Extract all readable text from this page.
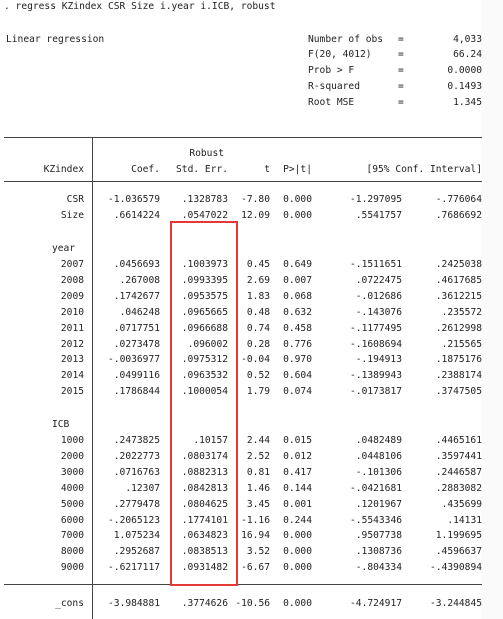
. regress KZindex CSR Size i.year i.ICB, robust
Linear regression	Number of obs =	4,033
F(20, 4012)	=	66.24
Prob > F	=	0.0000
R-squared	=	0.1493
Root MSE	=	1.345
Robust
KZindex	Coef.	Std. Err.	t	P>|t|	[95% Conf. Interval]
CSR	-1.036579	.1328783	-7.80	0.000	-1.297095	-.776064
Size	.6614224	.0547022	12.09	0.000	.5541757	.7686692
year
2007	.0456693	.1003973	0.45	0.649	-.1511651	.2425038
2008	.267008	.0993395	2.69	0.007	.0722475	.4617685
2009	.1742677	.0953575	1.83	0.068	-.012686	.3612215
2010	.046248	.0965665	0.48	0.632	-.143076	.235572
2011	.0717751	.0966688	0.74	0.458	-.1177495	.2612998
2012	.0273478	.096002	0.28	0.776	-.1608694	.215565
2013	-.0036977	.0975312	-0.04	0.970	-.194913	.1875176
2014	.0499116	.0963532	0.52	0.604	-.1389943	.2388174
2015	.1786844	.1000054	1.79	0.074	-.0173817	.3747505
ICB
1000	.2473825	.10157	2.44	0.015	.0482489	.4465161
2000	.2022773	.0803174	2.52	0.012	.0448106	.3597441
3000	.0716763	.0882313	0.81	0.417	-.101306	.2446587
4000	.12307	.0842813	1.46	0.144	-.0421681	.2883082
5000	.2779478	.0804625	3.45	0.001	.1201967	.435699
6000	-.2065123	.1774101	-1.16	0.244	-.5543346	.14131
7000	1.075234	.0634823	16.94	0.000	.9507738	1.199695
8000	.2952687	.0838513	3.52	0.000	.1308736	.4596637
9000	-.6217117	.0931482	-6.67	0.000	-.804334	-.4390894
_cons	-3.984881	.3774626 -10.56	0.000	-4.724917	-3.244845
